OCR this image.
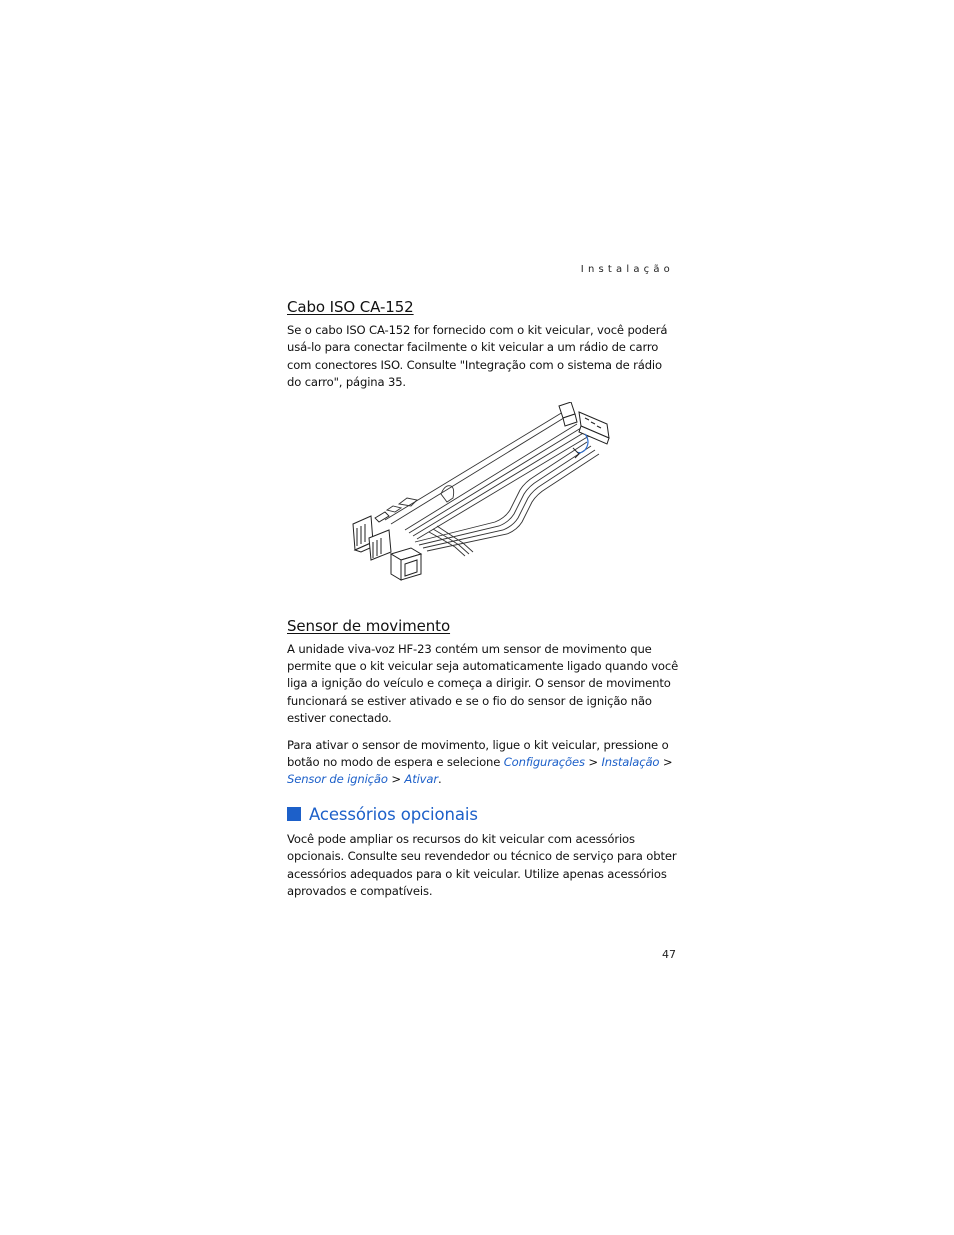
Instalação
Cabo ISO CA-152

Se o cabo ISO CA-152 for fornecido com o kit veicular, você poderá usá-lo para conectar facilmente o kit veicular a um rádio de carro com conectores ISO. Consulte "Integração com o sistema de rádio do carro", página 35.

Sensor de movimento

A unidade viva-voz HF-23 contém um sensor de movimento que permite que o kit veicular seja automaticamente ligado quando você liga a ignição do veículo e começa a dirigir. O sensor de movimento funcionará se estiver ativado e se o fio do sensor de ignição não estiver conectado.

Para ativar o sensor de movimento, ligue o kit veicular, pressione o botão no modo de espera e selecione Configurações > Instalação > Sensor de ignição > Ativar.

Acessórios opcionais

Você pode ampliar os recursos do kit veicular com acessórios opcionais. Consulte seu revendedor ou técnico de serviço para obter acessórios adequados para o kit veicular. Utilize apenas acessórios aprovados e compatíveis.

47
